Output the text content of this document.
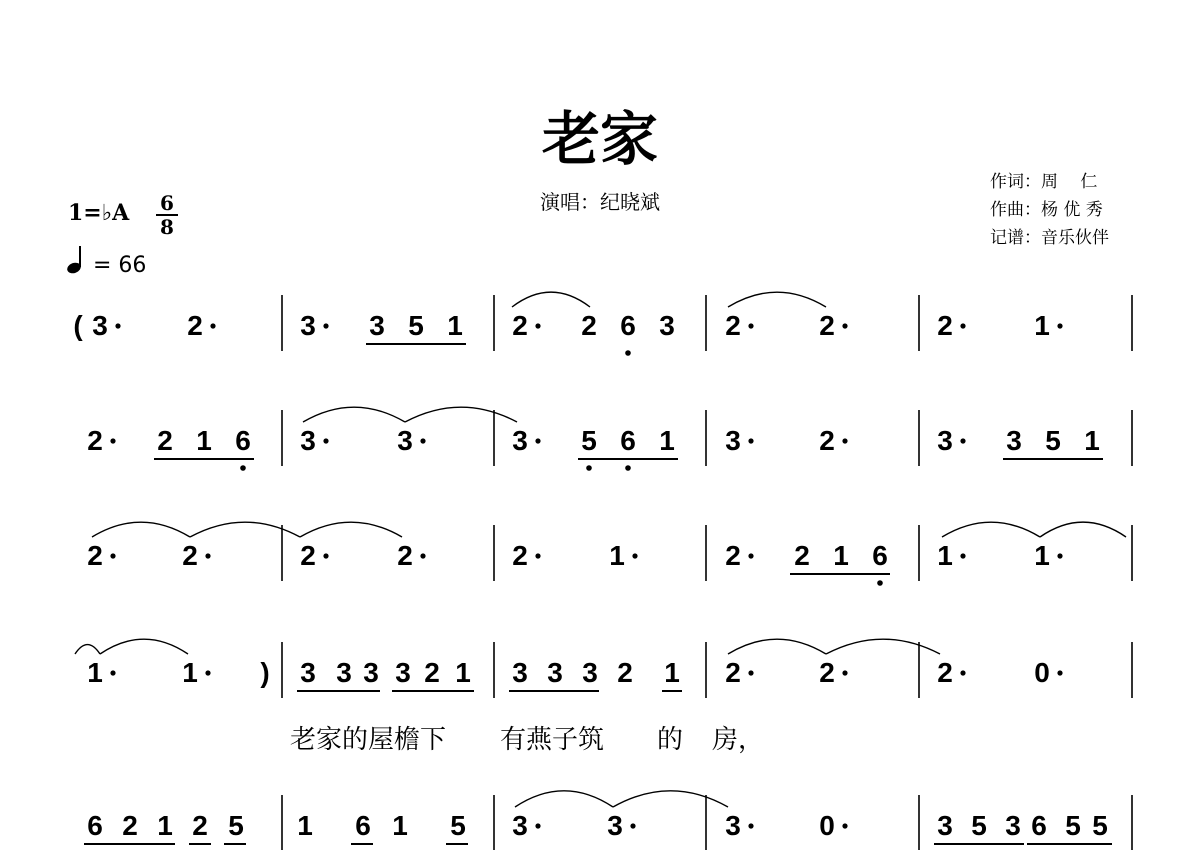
老家
演唱：纪晓斌
作词：周　 仁
作曲：杨 优 秀
记谱：音乐伙伴
1=♭A 6
8
= 66
3	2	3 3 5 1 2 2 6 3 2	2	2	1
(
2 2 1 6 3	3	3 5 6 1 3	2	3 3 5 1
2	2	2	2	2	1	2 2 1 6 1	1
1	1	3 3 3 3 2 1 3 3 3 2 1 2	2	2	0
)
老家的屋檐下 有燕子筑 的 房，
6 2 1 2 5 1 6 1 5 3	3	3	0	3 5 3 6 5 5
